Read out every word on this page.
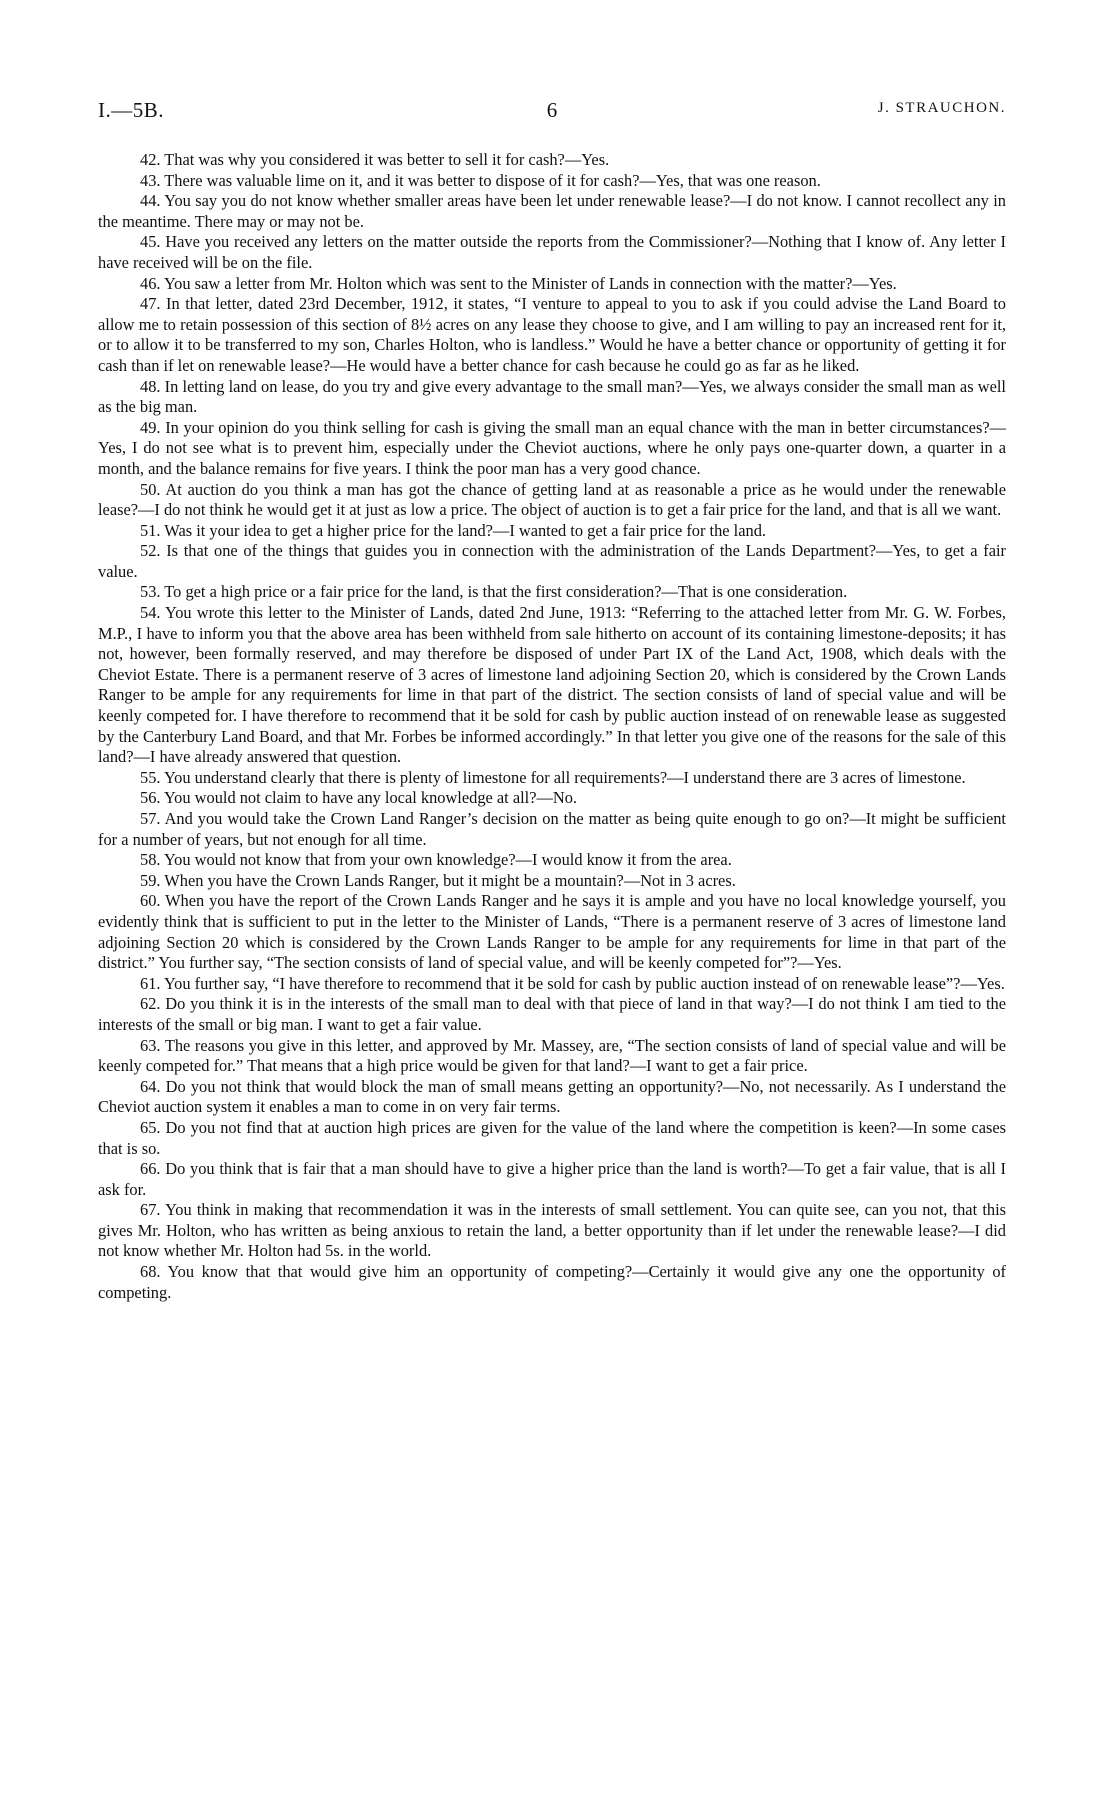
I.—5B.	6	J. STRAUCHON.

42. That was why you considered it was better to sell it for cash?—Yes.

43. There was valuable lime on it, and it was better to dispose of it for cash?—Yes, that was one reason.

44. You say you do not know whether smaller areas have been let under renewable lease?—I do not know. I cannot recollect any in the meantime. There may or may not be.

45. Have you received any letters on the matter outside the reports from the Commissioner?—Nothing that I know of. Any letter I have received will be on the file.

46. You saw a letter from Mr. Holton which was sent to the Minister of Lands in connection with the matter?—Yes.

47. In that letter, dated 23rd December, 1912, it states, “I venture to appeal to you to ask if you could advise the Land Board to allow me to retain possession of this section of 8½ acres on any lease they choose to give, and I am willing to pay an increased rent for it, or to allow it to be transferred to my son, Charles Holton, who is landless.” Would he have a better chance or opportunity of getting it for cash than if let on renewable lease?—He would have a better chance for cash because he could go as far as he liked.

48. In letting land on lease, do you try and give every advantage to the small man?—Yes, we always consider the small man as well as the big man.

49. In your opinion do you think selling for cash is giving the small man an equal chance with the man in better circumstances?—Yes, I do not see what is to prevent him, especially under the Cheviot auctions, where he only pays one-quarter down, a quarter in a month, and the balance remains for five years. I think the poor man has a very good chance.

50. At auction do you think a man has got the chance of getting land at as reasonable a price as he would under the renewable lease?—I do not think he would get it at just as low a price. The object of auction is to get a fair price for the land, and that is all we want.

51. Was it your idea to get a higher price for the land?—I wanted to get a fair price for the land.

52. Is that one of the things that guides you in connection with the administration of the Lands Department?—Yes, to get a fair value.

53. To get a high price or a fair price for the land, is that the first consideration?—That is one consideration.

54. You wrote this letter to the Minister of Lands, dated 2nd June, 1913: “Referring to the attached letter from Mr. G. W. Forbes, M.P., I have to inform you that the above area has been withheld from sale hitherto on account of its containing limestone-deposits; it has not, however, been formally reserved, and may therefore be disposed of under Part IX of the Land Act, 1908, which deals with the Cheviot Estate. There is a permanent reserve of 3 acres of limestone land adjoining Section 20, which is considered by the Crown Lands Ranger to be ample for any requirements for lime in that part of the district. The section consists of land of special value and will be keenly competed for. I have therefore to recommend that it be sold for cash by public auction instead of on renewable lease as suggested by the Canterbury Land Board, and that Mr. Forbes be informed accordingly.” In that letter you give one of the reasons for the sale of this land?—I have already answered that question.

55. You understand clearly that there is plenty of limestone for all requirements?—I understand there are 3 acres of limestone.

56. You would not claim to have any local knowledge at all?—No.

57. And you would take the Crown Land Ranger’s decision on the matter as being quite enough to go on?—It might be sufficient for a number of years, but not enough for all time.

58. You would not know that from your own knowledge?—I would know it from the area.

59. When you have the Crown Lands Ranger, but it might be a mountain?—Not in 3 acres.

60. When you have the report of the Crown Lands Ranger and he says it is ample and you have no local knowledge yourself, you evidently think that is sufficient to put in the letter to the Minister of Lands, “There is a permanent reserve of 3 acres of limestone land adjoining Section 20 which is considered by the Crown Lands Ranger to be ample for any requirements for lime in that part of the district.” You further say, “The section consists of land of special value, and will be keenly competed for”?—Yes.

61. You further say, “I have therefore to recommend that it be sold for cash by public auction instead of on renewable lease”?—Yes.

62. Do you think it is in the interests of the small man to deal with that piece of land in that way?—I do not think I am tied to the interests of the small or big man. I want to get a fair value.

63. The reasons you give in this letter, and approved by Mr. Massey, are, “The section consists of land of special value and will be keenly competed for.” That means that a high price would be given for that land?—I want to get a fair price.

64. Do you not think that would block the man of small means getting an opportunity?—No, not necessarily. As I understand the Cheviot auction system it enables a man to come in on very fair terms.

65. Do you not find that at auction high prices are given for the value of the land where the competition is keen?—In some cases that is so.

66. Do you think that is fair that a man should have to give a higher price than the land is worth?—To get a fair value, that is all I ask for.

67. You think in making that recommendation it was in the interests of small settlement. You can quite see, can you not, that this gives Mr. Holton, who has written as being anxious to retain the land, a better opportunity than if let under the renewable lease?—I did not know whether Mr. Holton had 5s. in the world.

68. You know that that would give him an opportunity of competing?—Certainly it would give any one the opportunity of competing.
